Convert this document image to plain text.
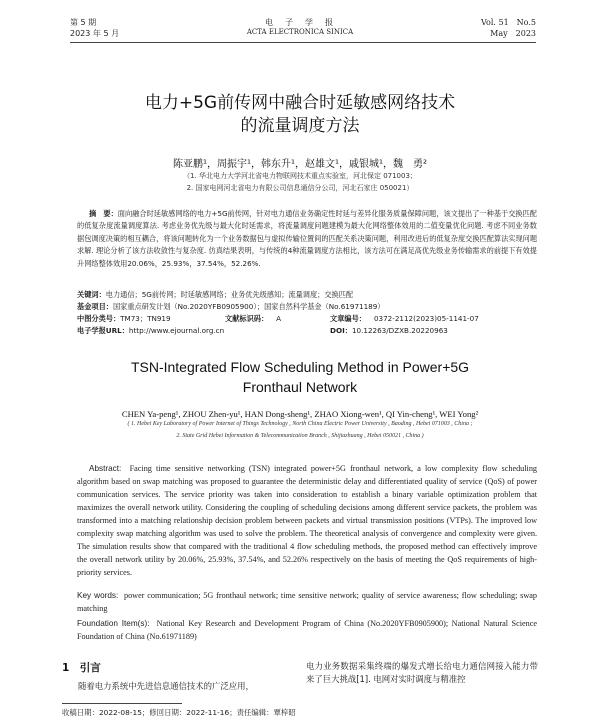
第 5 期
2023 年 5 月
电　子　学　报
ACTA ELECTRONICA SINICA
Vol. 51　No.5
May　2023
电力+5G前传网中融合时延敏感网络技术
的流量调度方法
陈亚鹏¹，周振宇¹，韩东升¹，赵雄文¹，戚银城¹，魏　勇²
（1. 华北电力大学河北省电力物联网技术重点实验室，河北保定 071003；
2. 国家电网河北省电力有限公司信息通信分公司，河北石家庄 050021）
摘　要：面向融合时延敏感网络的电力+5G前传网，针对电力通信业务确定性时延与差异化服务质量保障问题，该文提出了一种基于交换匹配的低复杂度流量调度算法. 考虑业务优先级与最大化时延需求，将流量调度问题建模为最大化网络整体效用的二值变量优化问题. 考虑不同业务数据包调度决策的相互耦合，将该问题转化为一个业务数据包与虚拟传输位置间的匹配关系决策问题，利用改进后的低复杂度交换匹配算法实现问题求解. 理论分析了该方法收敛性与复杂度. 仿真结果表明，与传统的4种流量调度方法相比，该方法可在满足高优先级业务传输需求的前提下有效提升网络整体效用20.06%，25.93%，37.54%，52.26%.
关键词：电力通信；5G前传网；时延敏感网络；业务优先级感知；流量调度；交换匹配
基金项目：国家重点研发计划（No.2020YFB0905900）；国家自然科学基金（No.61971189）
中图分类号：TM73；TN919	文献标识码： A	文章编号： 0372-2112(2023)05-1141-07
电子学报URL：http://www.ejournal.org.cn	DOI：10.12263/DZXB.20220963
TSN-Integrated Flow Scheduling Method in Power+5G
Fronthaul Network
CHEN Ya-peng¹, ZHOU Zhen-yu¹, HAN Dong-sheng¹, ZHAO Xiong-wen¹, QI Yin-cheng¹, WEI Yong²
( 1. Hebei Key Laboratory of Power Internet of Things Technology , North China Electric Power University , Baoding , Hebei 071003 , China ;
2. State Grid Hebei Information & Telecommunication Branch , Shijiazhuang , Hebei 050021 , China )
Abstract: Facing time sensitive networking (TSN) integrated power+5G fronthaul network, a low complexity flow scheduling algorithm based on swap matching was proposed to guarantee the deterministic delay and differentiated quality of service (QoS) of power communication services. The service priority was taken into consideration to establish a binary variable optimization problem that maximizes the overall network utility. Considering the coupling of scheduling decisions among different service packets, the problem was transformed into a matching relationship decision problem between packets and virtual transmission positions (VTPs). The improved low complexity swap matching algorithm was used to solve the problem. The theoretical analysis of convergence and complexity were given. The simulation results show that compared with the traditional 4 flow scheduling methods, the proposed method can effectively improve the overall network utility by 20.06%, 25.93%, 37.54%, and 52.26% respectively on the basis of meeting the QoS requirements of high-priority services.
Key words: power communication; 5G fronthaul network; time sensitive network; quality of service awareness; flow scheduling; swap matching
Foundation Item(s): National Key Research and Development Program of China (No.2020YFB0905900); National Natural Science Foundation of China (No.61971189)
1　引言
随着电力系统中先进信息通信技术的广泛应用，
电力业务数据采集终端的爆发式增长给电力通信网接入能力带来了巨大挑战[1]. 电网对实时调度与精准控
收稿日期：2022-08-15；修回日期：2022-11-16；责任编辑：覃梓昭
